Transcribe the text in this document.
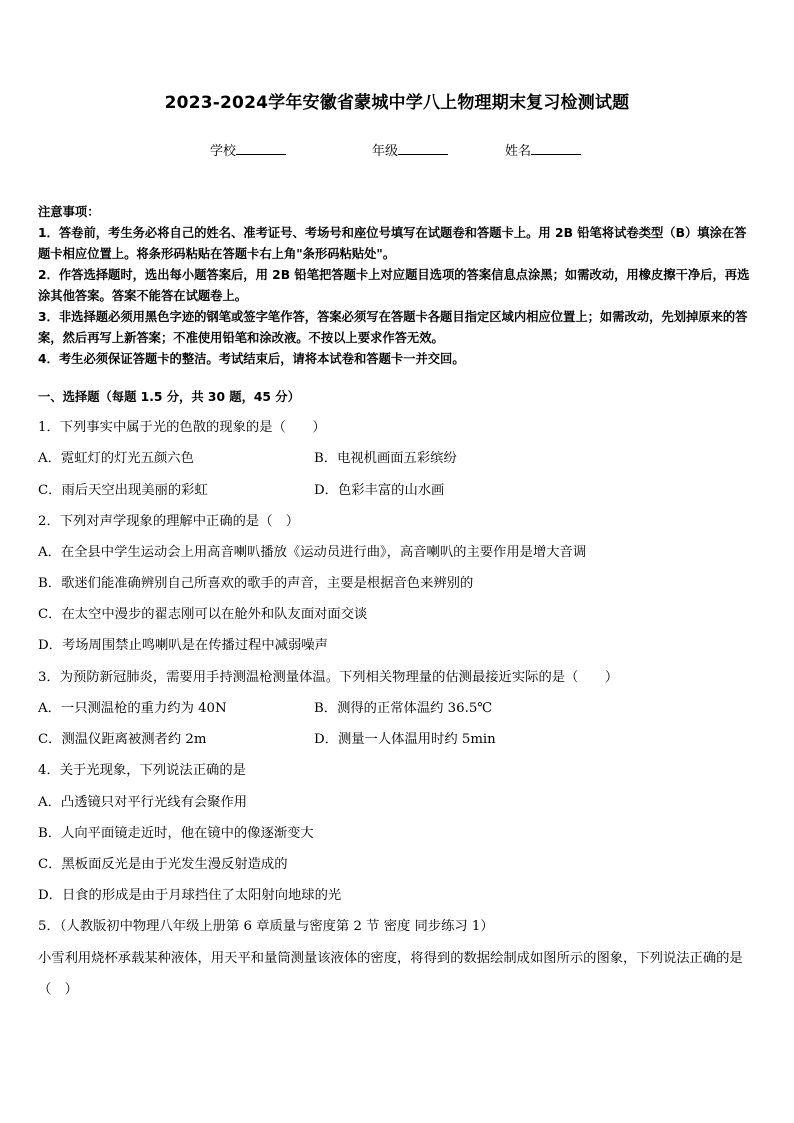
2023-2024学年安徽省蒙城中学八上物理期末复习检测试题
学校	年级	姓名

注意事项：

1．答卷前，考生务必将自己的姓名、准考证号、考场号和座位号填写在试题卷和答题卡上。用 2B 铅笔将试卷类型（B）填涂在答题卡相应位置上。将条形码粘贴在答题卡右上角"条形码粘贴处"。

2．作答选择题时，选出每小题答案后，用 2B 铅笔把答题卡上对应题目选项的答案信息点涂黑；如需改动，用橡皮擦干净后，再选涂其他答案。答案不能答在试题卷上。

3．非选择题必须用黑色字迹的钢笔或签字笔作答，答案必须写在答题卡各题目指定区域内相应位置上；如需改动，先划掉原来的答案，然后再写上新答案；不准使用铅笔和涂改液。不按以上要求作答无效。

4．考生必须保证答题卡的整洁。考试结束后，请将本试卷和答题卡一并交回。

一、选择题（每题 1.5 分，共 30 题，45 分）
1．下列事实中属于光的色散的现象的是（　　）
A．霓虹灯的灯光五颜六色	B．电视机画面五彩缤纷
C．雨后天空出现美丽的彩虹	D．色彩丰富的山水画
2．下列对声学现象的理解中正确的是（　）
A．在全县中学生运动会上用高音喇叭播放《运动员进行曲》，高音喇叭的主要作用是增大音调
B．歌迷们能准确辨别自己所喜欢的歌手的声音，主要是根据音色来辨别的
C．在太空中漫步的翟志刚可以在舱外和队友面对面交谈
D．考场周围禁止鸣喇叭是在传播过程中减弱噪声
3．为预防新冠肺炎，需要用手持测温枪测量体温。下列相关物理量的估测最接近实际的是（　　）
A．一只测温枪的重力约为 40N	B．测得的正常体温约 36.5℃
C．测温仪距离被测者约 2m	D．测量一人体温用时约 5min
4．关于光现象，下列说法正确的是
A．凸透镜只对平行光线有会聚作用
B．人向平面镜走近时，他在镜中的像逐渐变大
C．黑板面反光是由于光发生漫反射造成的
D．日食的形成是由于月球挡住了太阳射向地球的光
5．（人教版初中物理八年级上册第 6 章质量与密度第 2 节 密度 同步练习 1）

小雪利用烧杯承载某种液体，用天平和量筒测量该液体的密度，将得到的数据绘制成如图所示的图象，下列说法正确的是（　）
